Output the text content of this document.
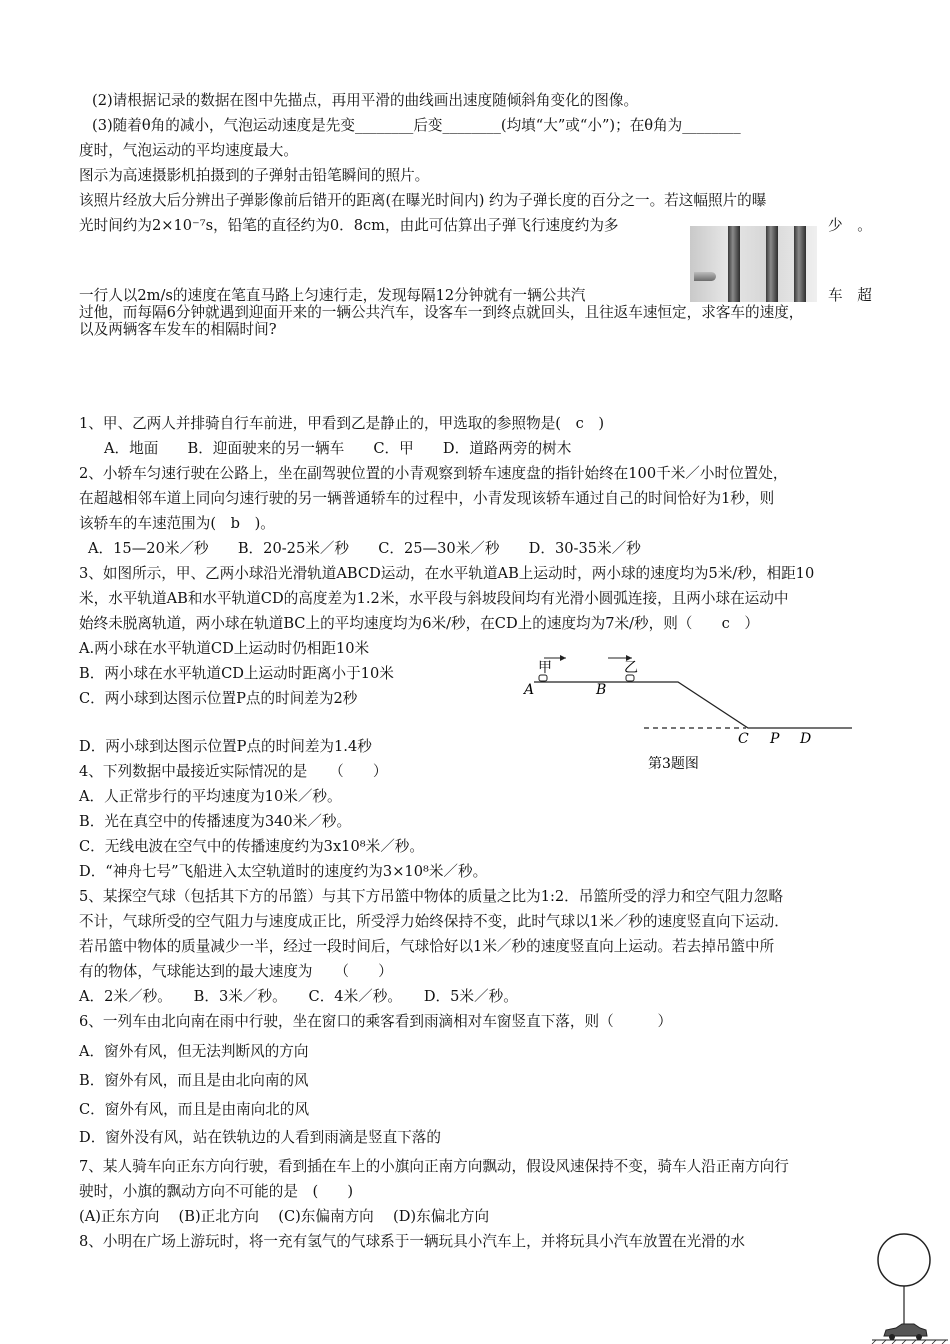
(2)请根据记录的数据在图中先描点，再用平滑的曲线画出速度随倾斜角变化的图像。
(3)随着θ角的减小，气泡运动速度是先变________后变________(均填“大”或“小”)；在θ角为________
度时，气泡运动的平均速度最大。
图示为高速摄影机拍摄到的子弹射击铅笔瞬间的照片。
该照片经放大后分辨出子弹影像前后错开的距离(在曝光时间内) 约为子弹长度的百分之一。若这幅照片的曝
光时间约为2×10⁻⁷s，铅笔的直径约为0．8cm，由此可估算出子弹飞行速度约为多	少　。
一行人以2m/s的速度在笔直马路上匀速行走，发现每隔12分钟就有一辆公共汽	车　超
过他，而每隔6分钟就遇到迎面开来的一辆公共汽车，设客车一到终点就回头，且往返车速恒定，求客车的速度，
以及两辆客车发车的相隔时间?
1、甲、乙两人并排骑自行车前进，甲看到乙是静止的，甲选取的参照物是(　c　)
A．地面　　B．迎面驶来的另一辆车　　C．甲　　D．道路两旁的树木
2、小轿车匀速行驶在公路上，坐在副驾驶位置的小青观察到轿车速度盘的指针始终在100千米／小时位置处，
在超越相邻车道上同向匀速行驶的另一辆普通轿车的过程中，小青发现该轿车通过自己的时间恰好为1秒，则
该轿车的车速范围为(　b　)。
A．15—20米／秒　　B．20-25米／秒　　C．25—30米／秒　　D．30-35米／秒
3、如图所示，甲、乙两小球沿光滑轨道ABCD运动，在水平轨道AB上运动时，两小球的速度均为5米/秒，相距10
米，水平轨道AB和水平轨道CD的高度差为1.2米，水平段与斜坡段间均有光滑小圆弧连接，且两小球在运动中
始终未脱离轨道，两小球在轨道BC上的平均速度均为6米/秒，在CD上的速度均为7米/秒，则（　　c　）
A.两小球在水平轨道CD上运动时仍相距10米
B．两小球在水平轨道CD上运动时距离小于10米
C．两小球到达图示位置P点的时间差为2秒
D．两小球到达图示位置P点的时间差为1.4秒
甲	乙
A	B
C P D
第3题图
4、下列数据中最接近实际情况的是　　（　　）
A．人正常步行的平均速度为10米／秒。
B．光在真空中的传播速度为340米／秒。
C．无线电波在空气中的传播速度约为3x10⁸米／秒。
D．“神舟七号”飞船进入太空轨道时的速度约为3×10⁸米／秒。
5、某探空气球（包括其下方的吊篮）与其下方吊篮中物体的质量之比为1:2．吊篮所受的浮力和空气阻力忽略
不计，气球所受的空气阻力与速度成正比，所受浮力始终保持不变，此时气球以1米／秒的速度竖直向下运动．
若吊篮中物体的质量减少一半，经过一段时间后，气球恰好以1米／秒的速度竖直向上运动。若去掉吊篮中所
有的物体，气球能达到的最大速度为　　（　　）
A．2米／秒。　　B．3米／秒。　　C．4米／秒。　　D．5米／秒。
6、一列车由北向南在雨中行驶，坐在窗口的乘客看到雨滴相对车窗竖直下落，则（　　　）
A．窗外有风，但无法判断风的方向
B．窗外有风，而且是由北向南的风
C．窗外有风，而且是由南向北的风
D．窗外没有风，站在铁轨边的人看到雨滴是竖直下落的
7、某人骑车向正东方向行驶，看到插在车上的小旗向正南方向飘动，假设风速保持不变，骑车人沿正南方向行
驶时，小旗的飘动方向不可能的是　(　　)
(A)正东方向　 (B)正北方向　 (C)东偏南方向　 (D)东偏北方向
8、小明在广场上游玩时，将一充有氢气的气球系于一辆玩具小汽车上，并将玩具小汽车放置在光滑的水
